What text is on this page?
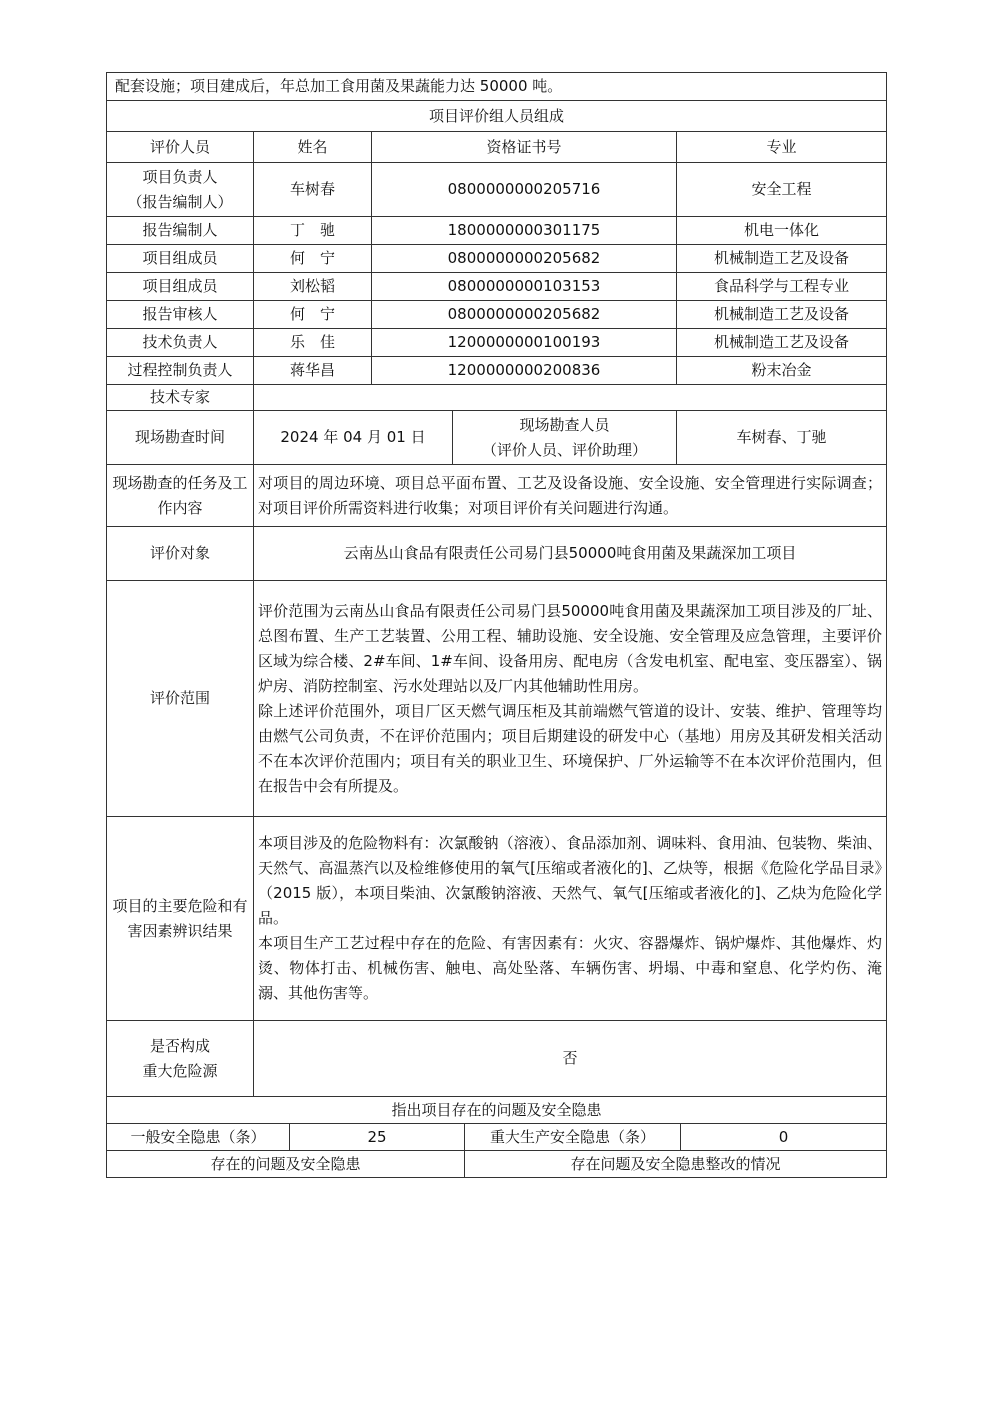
配套设施；项目建成后，年总加工食用菌及果蔬能力达 50000 吨。				
项目评价组人员组成				
评价人员	姓名	资格证书号		专业
项目负责人
（报告编制人）	车树春	0800000000205716		安全工程
报告编制人	丁　驰	1800000000301175		机电一体化
项目组成员	何　宁	0800000000205682		机械制造工艺及设备
项目组成员	刘松韬	0800000000103153		食品科学与工程专业
报告审核人	何　宁	0800000000205682		机械制造工艺及设备
技术负责人	乐　佳	1200000000100193		机械制造工艺及设备
过程控制负责人	蒋华昌	1200000000200836		粉末冶金
技术专家				
现场勘查时间	2024 年 04 月 01 日		现场勘查人员
（评价人员、评价助理）	车树春、丁驰
现场勘查的任务及工作内容	对项目的周边环境、项目总平面布置、工艺及设备设施、安全设施、安全管理进行实际调查；对项目评价所需资料进行收集；对项目评价有关问题进行沟通。			
评价对象	云南丛山食品有限责任公司易门县50000吨食用菌及果蔬深加工项目			
评价范围	评价范围为云南丛山食品有限责任公司易门县50000吨食用菌及果蔬深加工项目涉及的厂址、总图布置、生产工艺装置、公用工程、辅助设施、安全设施、安全管理及应急管理，主要评价区域为综合楼、2#车间、1#车间、设备用房、配电房（含发电机室、配电室、变压器室）、锅炉房、消防控制室、污水处理站以及厂内其他辅助性用房。

除上述评价范围外，项目厂区天燃气调压柜及其前端燃气管道的设计、安装、维护、管理等均由燃气公司负责，不在评价范围内；项目后期建设的研发中心（基地）用房及其研发相关活动不在本次评价范围内；项目有关的职业卫生、环境保护、厂外运输等不在本次评价范围内，但在报告中会有所提及。			

项目的主要危险和有害因素辨识结果	本项目涉及的危险物料有：次氯酸钠（溶液）、食品添加剂、调味料、食用油、包装物、柴油、天然气、高温蒸汽以及检维修使用的氧气[压缩或者液化的]、乙炔等，根据《危险化学品目录》（2015 版），本项目柴油、次氯酸钠溶液、天然气、氧气[压缩或者液化的]、乙炔为危险化学品。

本项目生产工艺过程中存在的危险、有害因素有：火灾、容器爆炸、锅炉爆炸、其他爆炸、灼烫、物体打击、机械伤害、触电、高处坠落、车辆伤害、坍塌、中毒和窒息、化学灼伤、淹溺、其他伤害等。			

是否构成
重大危险源	否			
指出项目存在的问题及安全隐患			
一般安全隐患（条）	25	重大生产安全隐患（条）	0
存在的问题及安全隐患		存在问题及安全隐患整改的情况	
